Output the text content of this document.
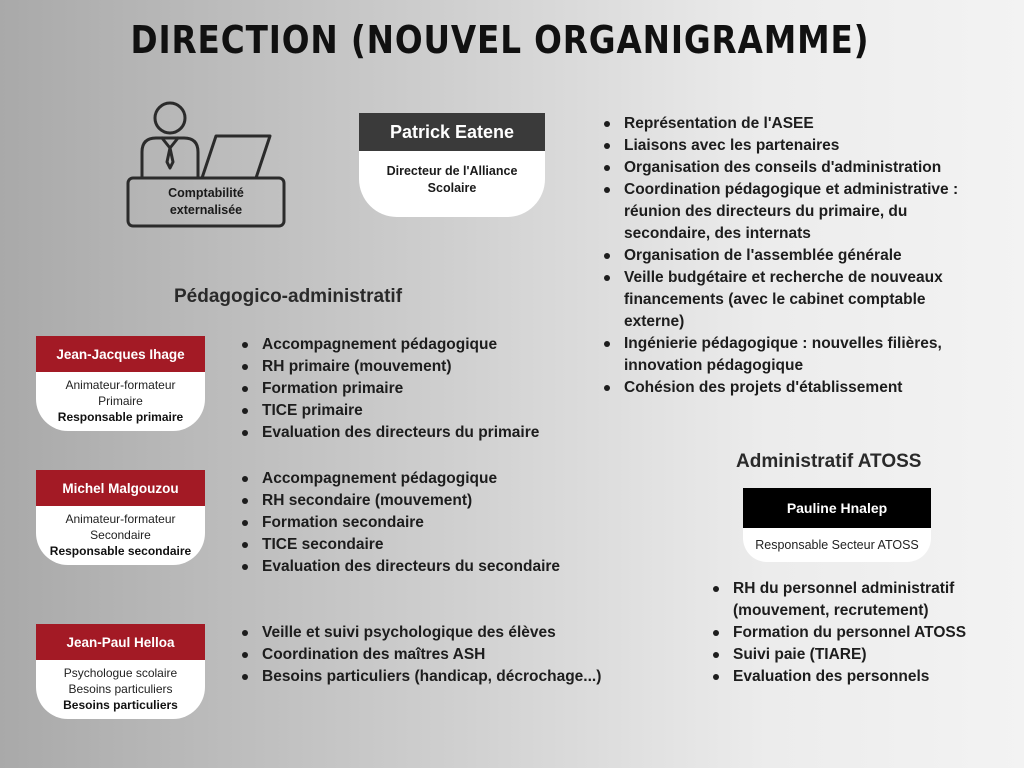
DIRECTION (NOUVEL ORGANIGRAMME)
Comptabilité
externalisée
Patrick Eatene
Directeur de l'Alliance
Scolaire
Représentation de l'ASEE
Liaisons avec les partenaires
Organisation des conseils d'administration
Coordination pédagogique et administrative : réunion des directeurs du primaire, du secondaire, des internats
Organisation de l'assemblée générale
Veille budgétaire et recherche de nouveaux financements (avec le cabinet comptable externe)
Ingénierie pédagogique : nouvelles filières, innovation pédagogique
Cohésion des projets d'établissement
Pédagogico-administratif
Jean-Jacques Ihage
Animateur-formateur
Primaire
Responsable primaire
Accompagnement pédagogique
RH primaire (mouvement)
Formation primaire
TICE primaire
Evaluation des directeurs du primaire
Michel Malgouzou
Animateur-formateur
Secondaire
Responsable secondaire
Accompagnement pédagogique
RH secondaire (mouvement)
Formation secondaire
TICE secondaire
Evaluation des directeurs du secondaire
Jean-Paul Helloa
Psychologue scolaire
Besoins particuliers
Besoins particuliers
Veille et suivi psychologique des élèves
Coordination des maîtres ASH
Besoins particuliers (handicap, décrochage...)
Administratif ATOSS
Pauline Hnalep
Responsable Secteur ATOSS
RH du personnel administratif (mouvement, recrutement)
Formation du personnel ATOSS
Suivi paie (TIARE)
Evaluation des personnels
